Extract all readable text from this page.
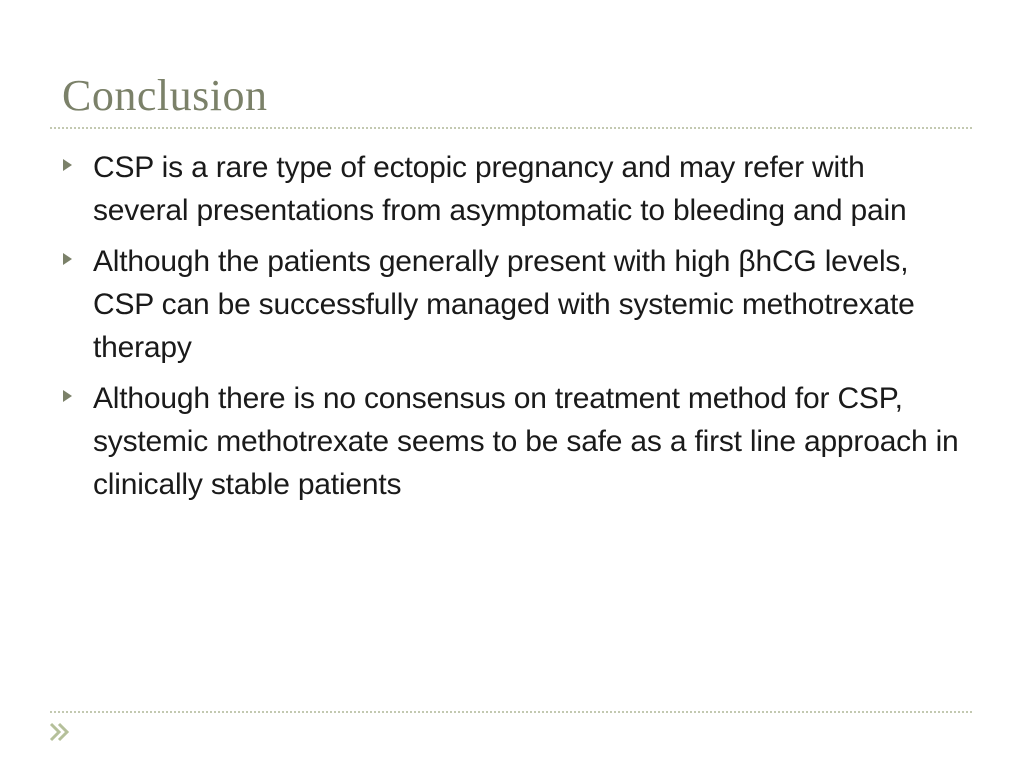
Conclusion
CSP is a rare type of ectopic pregnancy and may refer with several presentations from asymptomatic to bleeding and pain
Although the patients generally present with high βhCG levels, CSP can be successfully managed with systemic methotrexate therapy
Although there is no consensus on treatment method for CSP, systemic methotrexate seems to be safe as a first line approach in clinically stable patients
